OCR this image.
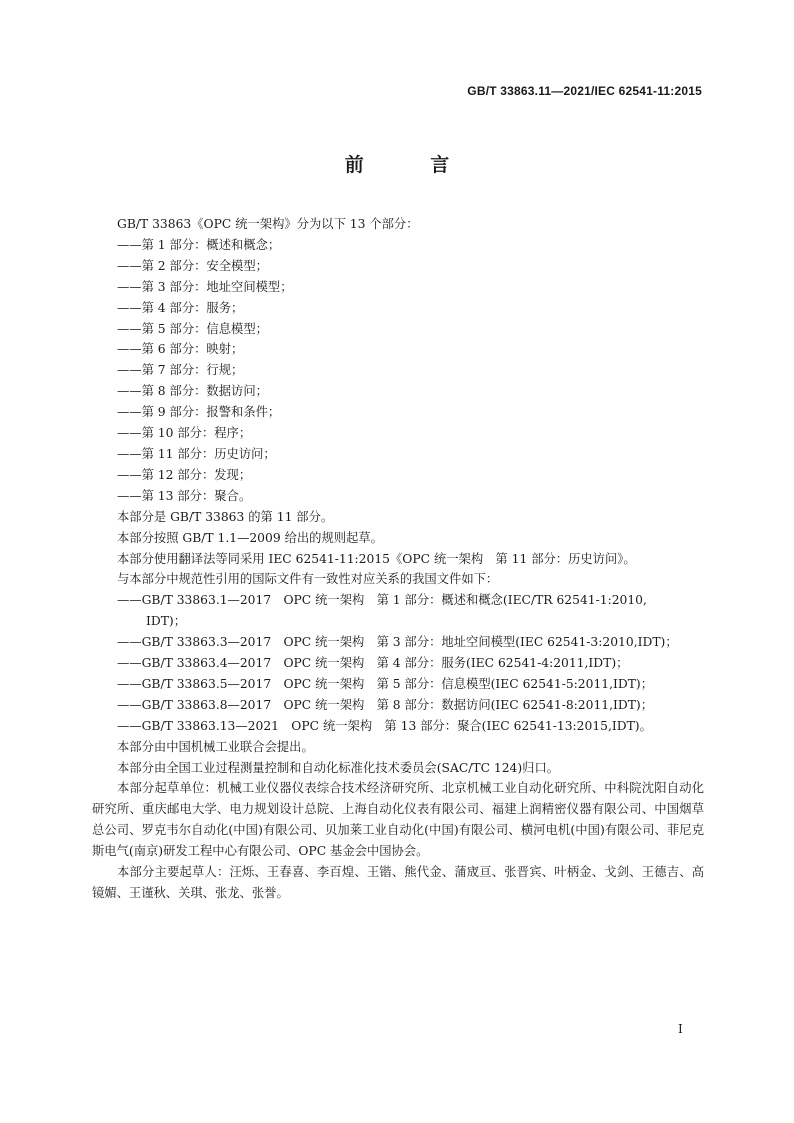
GB/T 33863.11—2021/IEC 62541-11:2015
前 言

GB/T 33863《OPC 统一架构》分为以下 13 个部分：

——第 1 部分：概述和概念；

——第 2 部分：安全模型；

——第 3 部分：地址空间模型；

——第 4 部分：服务；

——第 5 部分：信息模型；

——第 6 部分：映射；

——第 7 部分：行规；

——第 8 部分：数据访问；

——第 9 部分：报警和条件；

——第 10 部分：程序；

——第 11 部分：历史访问；

——第 12 部分：发现；

——第 13 部分：聚合。

本部分是 GB/T 33863 的第 11 部分。

本部分按照 GB/T 1.1—2009 给出的规则起草。

本部分使用翻译法等同采用 IEC 62541-11:2015《OPC 统一架构　第 11 部分：历史访问》。

与本部分中规范性引用的国际文件有一致性对应关系的我国文件如下：

——GB/T 33863.1—2017　OPC 统一架构　第 1 部分：概述和概念(IEC/TR 62541-1:2010,
IDT)；

——GB/T 33863.3—2017　OPC 统一架构　第 3 部分：地址空间模型(IEC 62541-3:2010,IDT)；

——GB/T 33863.4—2017　OPC 统一架构　第 4 部分：服务(IEC 62541-4:2011,IDT)；

——GB/T 33863.5—2017　OPC 统一架构　第 5 部分：信息模型(IEC 62541-5:2011,IDT)；

——GB/T 33863.8—2017　OPC 统一架构　第 8 部分：数据访问(IEC 62541-8:2011,IDT)；

——GB/T 33863.13—2021　OPC 统一架构　第 13 部分：聚合(IEC 62541-13:2015,IDT)。

本部分由中国机械工业联合会提出。

本部分由全国工业过程测量控制和自动化标准化技术委员会(SAC/TC 124)归口。

本部分起草单位：机械工业仪器仪表综合技术经济研究所、北京机械工业自动化研究所、中科院沈阳自动化研究所、重庆邮电大学、电力规划设计总院、上海自动化仪表有限公司、福建上润精密仪器有限公司、中国烟草总公司、罗克韦尔自动化(中国)有限公司、贝加莱工业自动化(中国)有限公司、横河电机(中国)有限公司、菲尼克斯电气(南京)研发工程中心有限公司、OPC 基金会中国协会。

本部分主要起草人：汪烁、王春喜、李百煌、王锴、熊代金、蒲宬亘、张晋宾、叶柄金、戈剑、王德吉、高镜媚、王谨秋、关琪、张龙、张誉。

I
